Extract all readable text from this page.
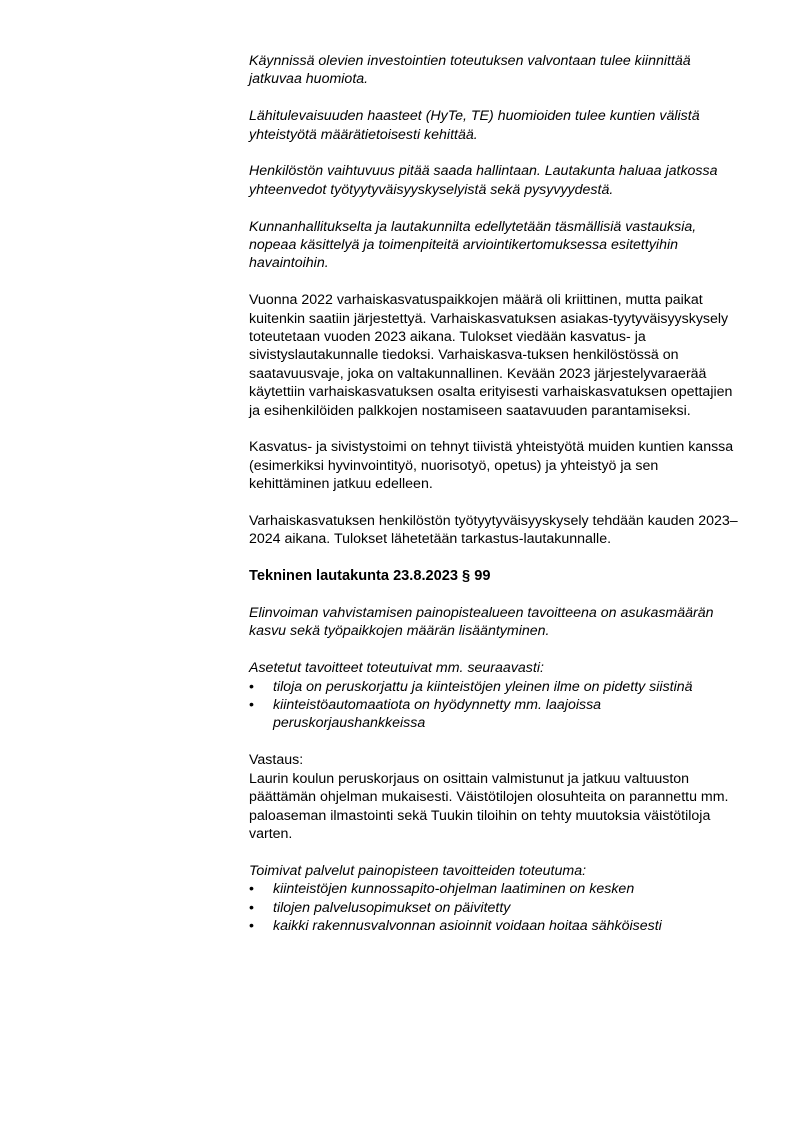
Käynnissä olevien investointien toteutuksen valvontaan tulee kiinnittää jatkuvaa huomiota.

Lähitulevaisuuden haasteet (HyTe, TE) huomioiden tulee kuntien välistä yhteistyötä määrätietoisesti kehittää.

Henkilöstön vaihtuvuus pitää saada hallintaan. Lautakunta haluaa jatkossa yhteenvedot työtyytyväisyyskyselyistä sekä pysyvyydestä.

Kunnanhallitukselta ja lautakunnilta edellytetään täsmällisiä vastauksia, nopeaa käsittelyä ja toimenpiteitä arviointikertomuksessa esitettyihin havaintoihin.

Vuonna 2022 varhaiskasvatuspaikkojen määrä oli kriittinen, mutta paikat kuitenkin saatiin järjestettyä. Varhaiskasvatuksen asiakas-tyytyväisyyskysely toteutetaan vuoden 2023 aikana. Tulokset viedään kasvatus- ja sivistyslautakunnalle tiedoksi. Varhaiskasva-tuksen henkilöstössä on saatavuusvaje, joka on valtakunnallinen. Kevään 2023 järjestelyvaraerää käytettiin varhaiskasvatuksen osalta erityisesti varhaiskasvatuksen opettajien ja esihenkilöiden palkkojen nostamiseen saatavuuden parantamiseksi.

Kasvatus- ja sivistystoimi on tehnyt tiivistä yhteistyötä muiden kuntien kanssa (esimerkiksi hyvinvointityö, nuorisotyö, opetus) ja yhteistyö ja sen kehittäminen jatkuu edelleen.

Varhaiskasvatuksen henkilöstön työtyytyväisyyskysely tehdään kauden 2023–2024 aikana. Tulokset lähetetään tarkastus-lautakunnalle.

Tekninen lautakunta 23.8.2023 § 99

Elinvoiman vahvistamisen painopistealueen tavoitteena on asukasmäärän kasvu sekä työpaikkojen määrän lisääntyminen.

Asetetut tavoitteet toteutuivat mm. seuraavasti:

• tiloja on peruskorjattu ja kiinteistöjen yleinen ilme on pidetty siistinä
• kiinteistöautomaatiota on hyödynnetty mm. laajoissa peruskorjaushankkeissa

Vastaus:

Laurin koulun peruskorjaus on osittain valmistunut ja jatkuu valtuuston päättämän ohjelman mukaisesti. Väistötilojen olosuhteita on parannettu mm. paloaseman ilmastointi sekä Tuukin tiloihin on tehty muutoksia väistötiloja varten.

Toimivat palvelut painopisteen tavoitteiden toteutuma:

• kiinteistöjen kunnossapito-ohjelman laatiminen on kesken
• tilojen palvelusopimukset on päivitetty
• kaikki rakennusvalvonnan asioinnit voidaan hoitaa sähköisesti
